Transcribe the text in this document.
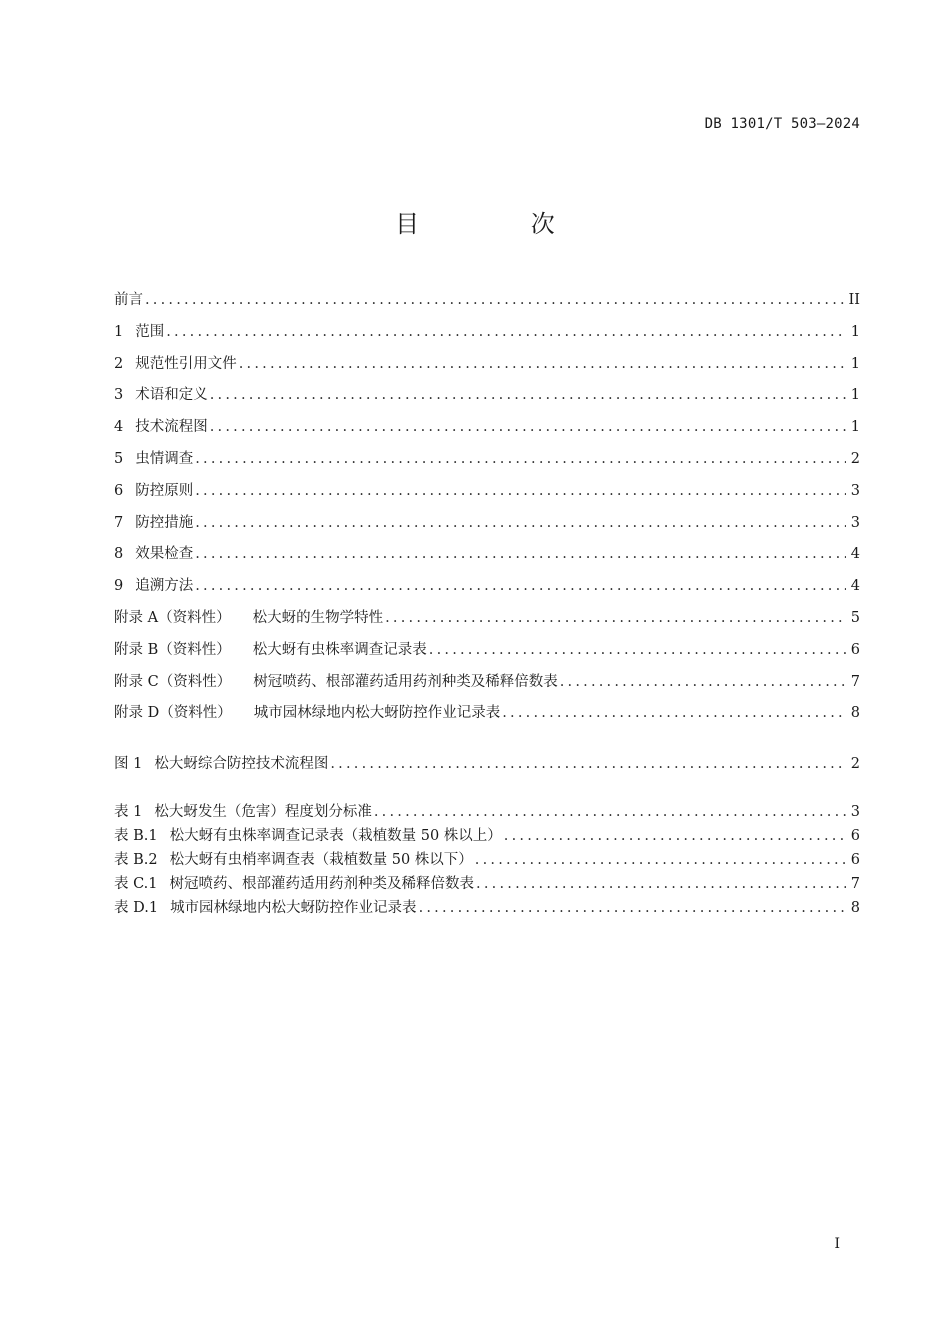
DB 1301/T 503—2024
目 次
前言 .....	II
1 范围 .....	1
2 规范性引用文件 .....	1
3 术语和定义 .....	1
4 技术流程图 .....	1
5 虫情调查 .....	2
6 防控原则 .....	3
7 防控措施 .....	3
8 效果检查 .....	4
9 追溯方法 .....	4
附录 A（资料性） 松大蚜的生物学特性 .....	5
附录 B（资料性） 松大蚜有虫株率调查记录表 .....	6
附录 C（资料性） 树冠喷药、根部灌药适用药剂种类及稀释倍数表 .....	7
附录 D（资料性） 城市园林绿地内松大蚜防控作业记录表 .....	8
图 1 松大蚜综合防控技术流程图 .....	2
表 1 松大蚜发生（危害）程度划分标准 .....	3
表 B.1 松大蚜有虫株率调查记录表（栽植数量 50 株以上） .....	6
表 B.2 松大蚜有虫梢率调查表（栽植数量 50 株以下） .....	6
表 C.1 树冠喷药、根部灌药适用药剂种类及稀释倍数表 .....	7
表 D.1 城市园林绿地内松大蚜防控作业记录表 .....	8
I
